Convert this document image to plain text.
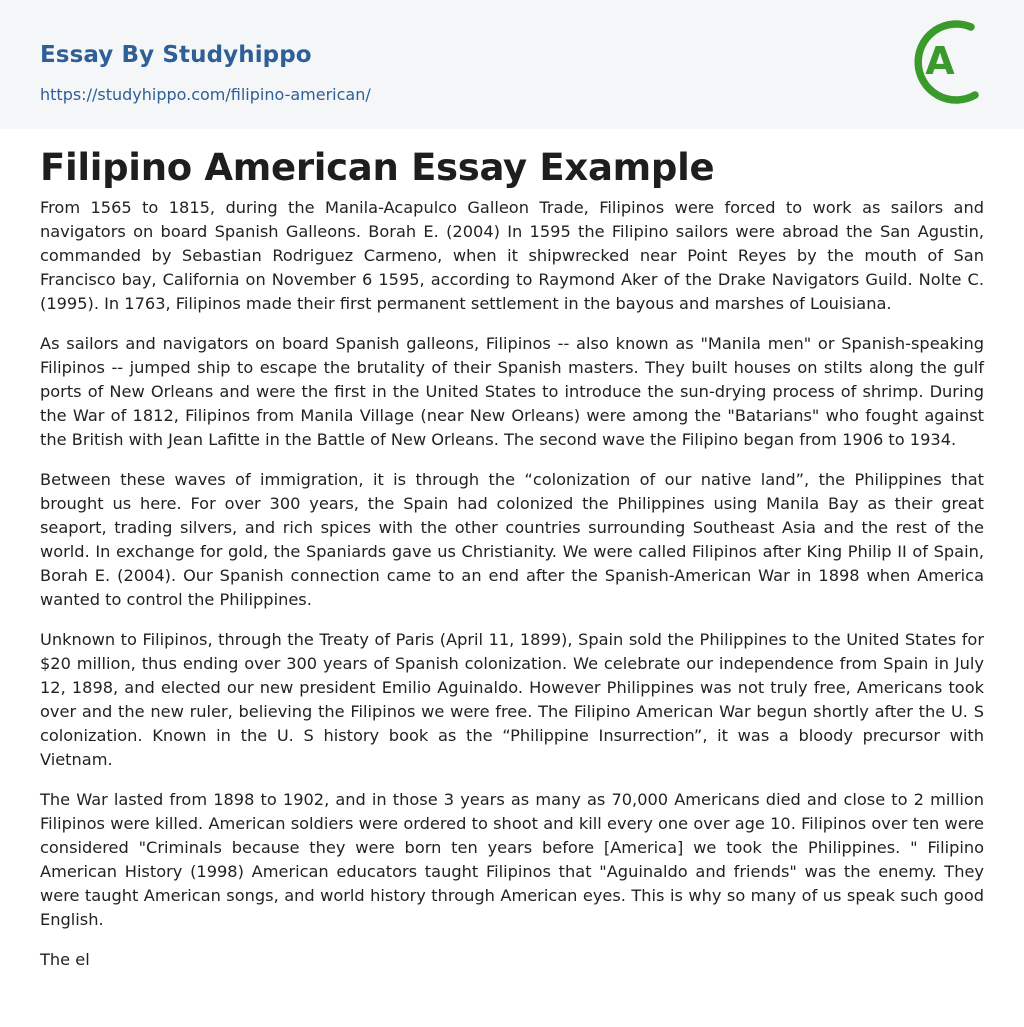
Essay By Studyhippo
https://studyhippo.com/filipino-american/
A
Filipino American Essay Example

From 1565 to 1815, during the Manila-Acapulco Galleon Trade, Filipinos were forced to work as sailors and navigators on board Spanish Galleons. Borah E. (2004) In 1595 the Filipino sailors were abroad the San Agustin, commanded by Sebastian Rodriguez Carmeno, when it shipwrecked near Point Reyes by the mouth of San Francisco bay, California on November 6 1595, according to Raymond Aker of the Drake Navigators Guild. Nolte C. (1995). In 1763, Filipinos made their first permanent settlement in the bayous and marshes of Louisiana.

As sailors and navigators on board Spanish galleons, Filipinos -- also known as "Manila men" or Spanish-speaking Filipinos -- jumped ship to escape the brutality of their Spanish masters. They built houses on stilts along the gulf ports of New Orleans and were the first in the United States to introduce the sun-drying process of shrimp. During the War of 1812, Filipinos from Manila Village (near New Orleans) were among the "Batarians" who fought against the British with Jean Lafitte in the Battle of New Orleans. The second wave the Filipino began from 1906 to 1934.

Between these waves of immigration, it is through the “colonization of our native land”, the Philippines that brought us here. For over 300 years, the Spain had colonized the Philippines using Manila Bay as their great seaport, trading silvers, and rich spices with the other countries surrounding Southeast Asia and the rest of the world. In exchange for gold, the Spaniards gave us Christianity. We were called Filipinos after King Philip II of Spain, Borah E. (2004). Our Spanish connection came to an end after the Spanish-American War in 1898 when America wanted to control the Philippines.

Unknown to Filipinos, through the Treaty of Paris (April 11, 1899), Spain sold the Philippines to the United States for $20 million, thus ending over 300 years of Spanish colonization. We celebrate our independence from Spain in July 12, 1898, and elected our new president Emilio Aguinaldo. However Philippines was not truly free, Americans took over and the new ruler, believing the Filipinos we were free. The Filipino American War begun shortly after the U. S colonization. Known in the U. S history book as the “Philippine Insurrection”, it was a bloody precursor with Vietnam.

The War lasted from 1898 to 1902, and in those 3 years as many as 70,000 Americans died and close to 2 million Filipinos were killed. American soldiers were ordered to shoot and kill every one over age 10. Filipinos over ten were considered "Criminals because they were born ten years before [America] we took the Philippines. " Filipino American History (1998) American educators taught Filipinos that "Aguinaldo and friends" was the enemy. They were taught American songs, and world history through American eyes. This is why so many of us speak such good English.

The el
